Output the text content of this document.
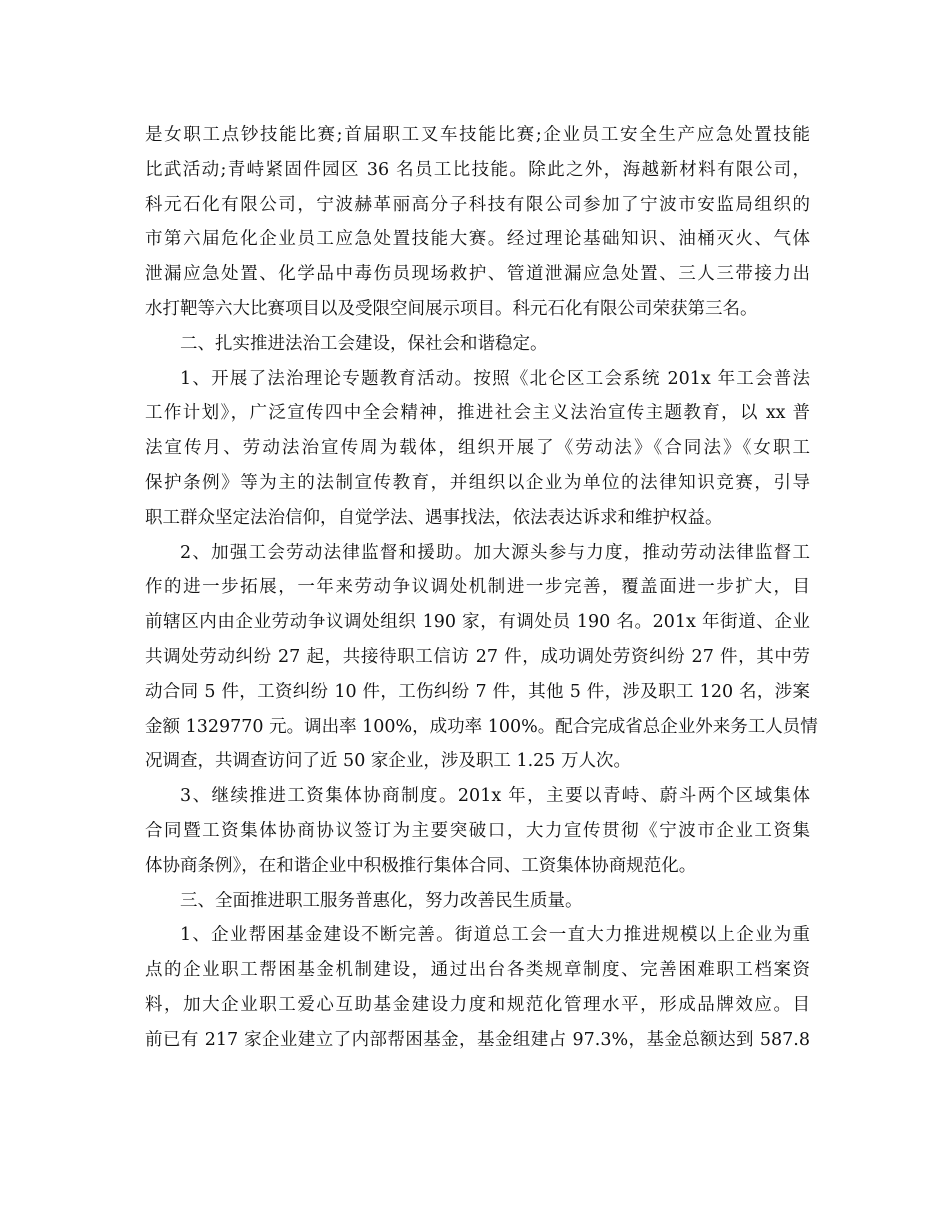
是女职工点钞技能比赛;首届职工叉车技能比赛;企业员工安全生产应急处置技能
比武活动;青峙紧固件园区 36 名员工比技能。除此之外，海越新材料有限公司，
科元石化有限公司，宁波赫革丽高分子科技有限公司参加了宁波市安监局组织的
市第六届危化企业员工应急处置技能大赛。经过理论基础知识、油桶灭火、气体
泄漏应急处置、化学品中毒伤员现场救护、管道泄漏应急处置、三人三带接力出
水打靶等六大比赛项目以及受限空间展示项目。科元石化有限公司荣获第三名。
二、扎实推进法治工会建设，保社会和谐稳定。
1、开展了法治理论专题教育活动。按照《北仑区工会系统 201x 年工会普法
工作计划》，广泛宣传四中全会精神，推进社会主义法治宣传主题教育，以 xx 普
法宣传月、劳动法治宣传周为载体，组织开展了《劳动法》《合同法》《女职工
保护条例》等为主的法制宣传教育，并组织以企业为单位的法律知识竞赛，引导
职工群众坚定法治信仰，自觉学法、遇事找法，依法表达诉求和维护权益。
2、加强工会劳动法律监督和援助。加大源头参与力度，推动劳动法律监督工
作的进一步拓展，一年来劳动争议调处机制进一步完善，覆盖面进一步扩大，目
前辖区内由企业劳动争议调处组织 190 家，有调处员 190 名。201x 年街道、企业
共调处劳动纠纷 27 起，共接待职工信访 27 件，成功调处劳资纠纷 27 件，其中劳
动合同 5 件，工资纠纷 10 件，工伤纠纷 7 件，其他 5 件，涉及职工 120 名，涉案
金额 1329770 元。调出率 100%，成功率 100%。配合完成省总企业外来务工人员情
况调查，共调查访问了近 50 家企业，涉及职工 1.25 万人次。
3、继续推进工资集体协商制度。201x 年，主要以青峙、蔚斗两个区域集体
合同暨工资集体协商协议签订为主要突破口，大力宣传贯彻《宁波市企业工资集
体协商条例》，在和谐企业中积极推行集体合同、工资集体协商规范化。
三、全面推进职工服务普惠化，努力改善民生质量。
1、企业帮困基金建设不断完善。街道总工会一直大力推进规模以上企业为重
点的企业职工帮困基金机制建设，通过出台各类规章制度、完善困难职工档案资
料，加大企业职工爱心互助基金建设力度和规范化管理水平，形成品牌效应。目
前已有 217 家企业建立了内部帮困基金，基金组建占 97.3%，基金总额达到 587.8
